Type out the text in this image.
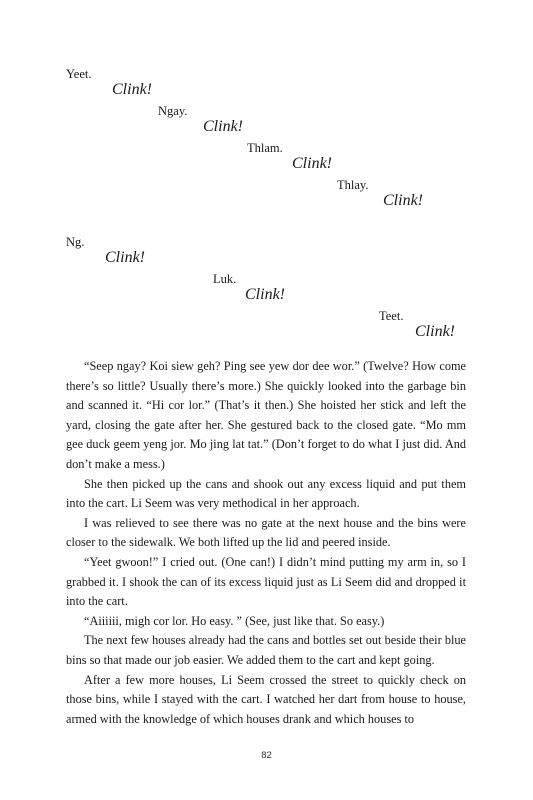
Yeet.
Clink!
Ngay.
Clink!
Thlam.
Clink!
Thlay.
Clink!
Ng.
Clink!
Luk.
Clink!
Teet.
Clink!

“Seep ngay? Koi siew geh? Ping see yew dor dee wor.” (Twelve? How come there’s so little? Usually there’s more.) She quickly looked into the garbage bin and scanned it. “Hi cor lor.” (That’s it then.) She hoisted her stick and left the yard, closing the gate after her. She gestured back to the closed gate. “Mo mm gee duck geem yeng jor. Mo jing lat tat.” (Don’t forget to do what I just did. And don’t make a mess.)

She then picked up the cans and shook out any excess liquid and put them into the cart. Li Seem was very methodical in her approach.

I was relieved to see there was no gate at the next house and the bins were closer to the sidewalk. We both lifted up the lid and peered inside.

“Yeet gwoon!” I cried out. (One can!) I didn’t mind putting my arm in, so I grabbed it. I shook the can of its excess liquid just as Li Seem did and dropped it into the cart.

“Aiiiiii, migh cor lor. Ho easy. ” (See, just like that. So easy.)

The next few houses already had the cans and bottles set out beside their blue bins so that made our job easier. We added them to the cart and kept going.

After a few more houses, Li Seem crossed the street to quickly check on those bins, while I stayed with the cart. I watched her dart from house to house, armed with the knowledge of which houses drank and which houses to

82
